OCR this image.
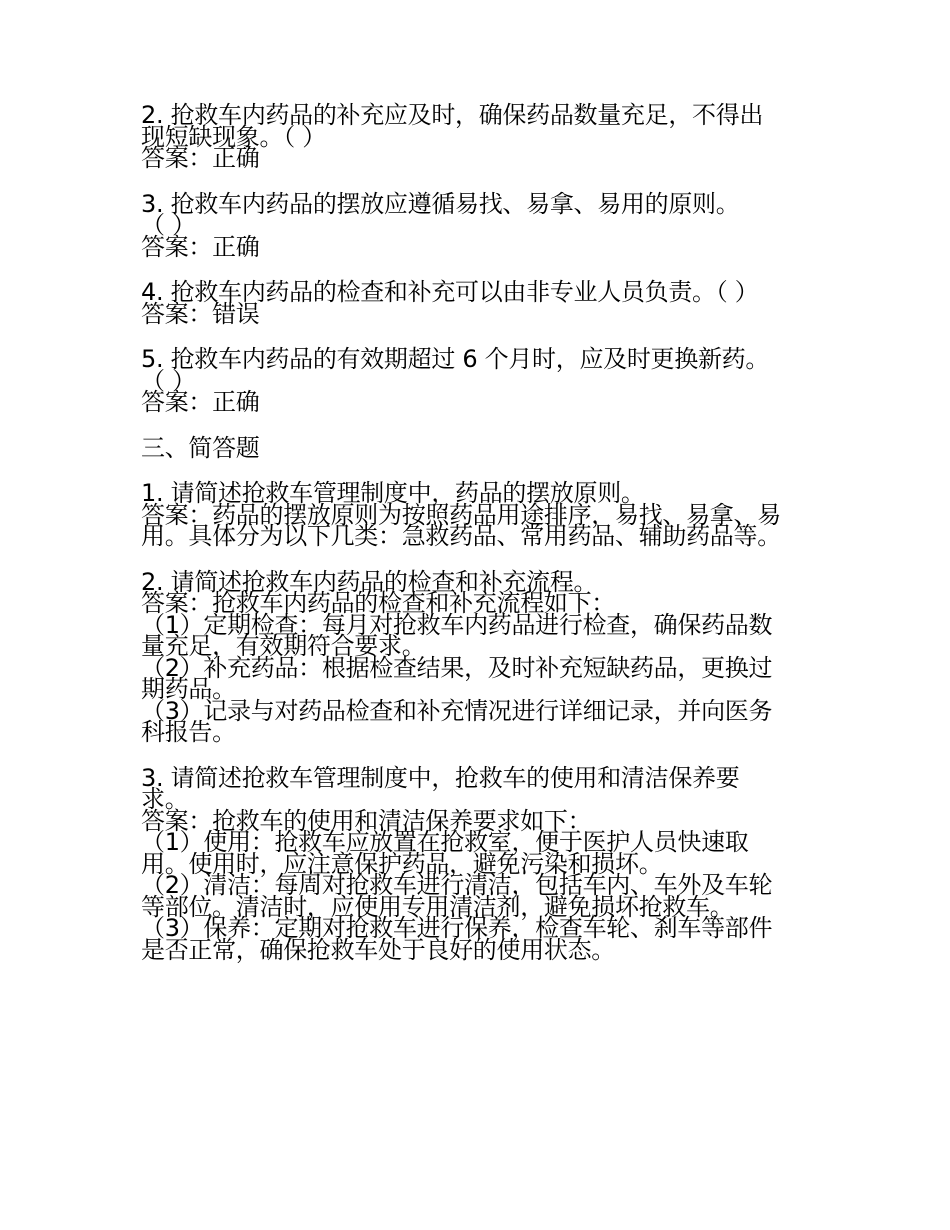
2. 抢救车内药品的补充应及时，确保药品数量充足，不得出
现短缺现象。（ ）
答案：正确
3. 抢救车内药品的摆放应遵循易找、易拿、易用的原则。
（ ）
答案：正确
4. 抢救车内药品的检查和补充可以由非专业人员负责。（ ）
答案：错误
5. 抢救车内药品的有效期超过 6 个月时，应及时更换新药。
（ ）
答案：正确
三、简答题
1. 请简述抢救车管理制度中，药品的摆放原则。
答案：药品的摆放原则为按照药品用途排序，易找、易拿、易
用。具体分为以下几类：急救药品、常用药品、辅助药品等。
2. 请简述抢救车内药品的检查和补充流程。
答案：抢救车内药品的检查和补充流程如下：
（1）定期检查：每月对抢救车内药品进行检查，确保药品数
量充足，有效期符合要求。
（2）补充药品：根据检查结果，及时补充短缺药品，更换过
期药品。
（3）记录与对药品检查和补充情况进行详细记录，并向医务
科报告。
3. 请简述抢救车管理制度中，抢救车的使用和清洁保养要
求。
答案：抢救车的使用和清洁保养要求如下：
（1）使用：抢救车应放置在抢救室，便于医护人员快速取
用。使用时，应注意保护药品，避免污染和损坏。
（2）清洁：每周对抢救车进行清洁，包括车内、车外及车轮
等部位。清洁时，应使用专用清洁剂，避免损坏抢救车。
（3）保养：定期对抢救车进行保养，检查车轮、刹车等部件
是否正常，确保抢救车处于良好的使用状态。
